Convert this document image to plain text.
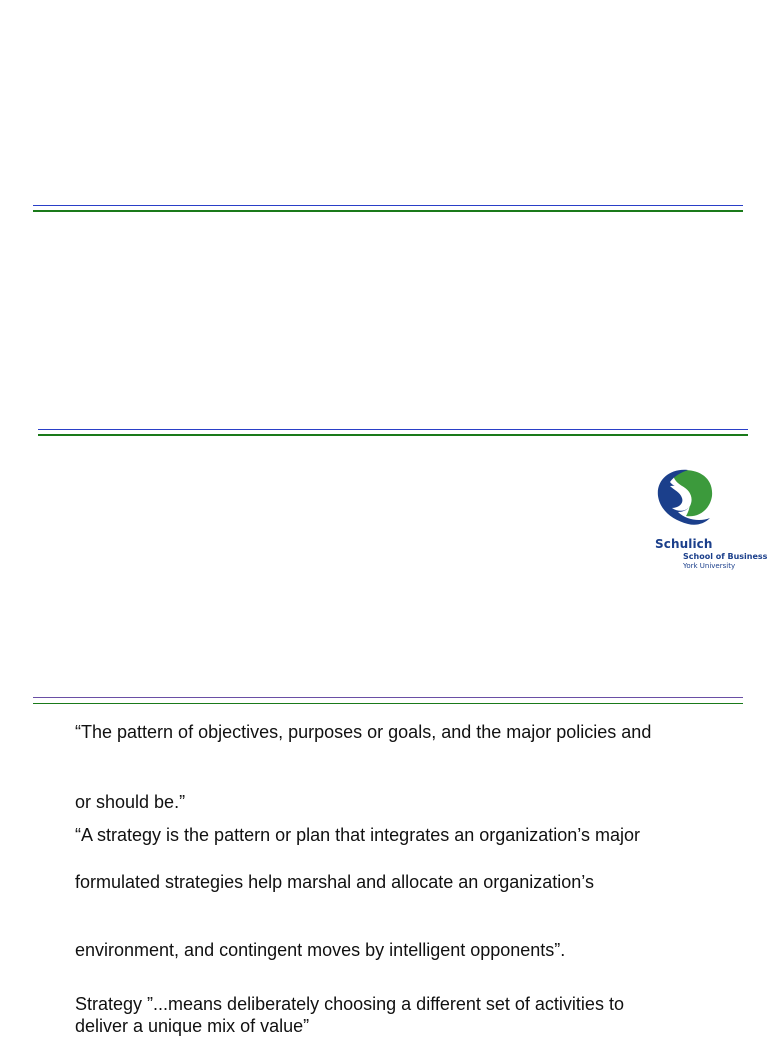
Schulich
School of Business
York University
“The pattern of objectives, purposes or goals, and the major policies and
or should be.”
“A strategy is the pattern or plan that integrates an organization’s major
formulated strategies help marshal and allocate an organization’s
environment, and contingent moves by intelligent opponents”.
Strategy ”...means deliberately choosing a different set of activities to
deliver a unique mix of value”
